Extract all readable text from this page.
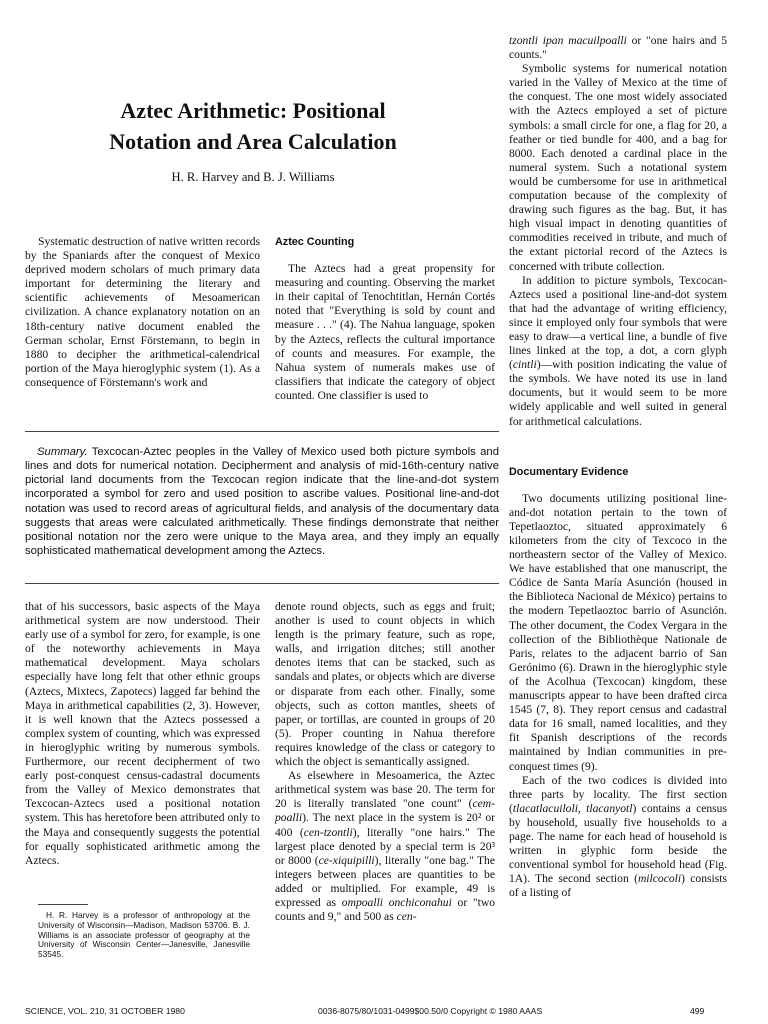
Aztec Arithmetic: Positional
Notation and Area Calculation
H. R. Harvey and B. J. Williams

Systematic destruction of native written records by the Spaniards after the conquest of Mexico deprived modern scholars of much primary data important for determining the literary and scientific achievements of Mesoamerican civilization. A chance explanatory notation on an 18th-century native document enabled the German scholar, Ernst Förstemann, to begin in 1880 to decipher the arithmetical-calendrical portion of the Maya hieroglyphic system (1). As a consequence of Förstemann's work and

Aztec Counting

The Aztecs had a great propensity for measuring and counting. Observing the market in their capital of Tenochtitlan, Hernán Cortés noted that "Everything is sold by count and measure . . ." (4). The Nahua language, spoken by the Aztecs, reflects the cultural importance of counts and measures. For example, the Nahua system of numerals makes use of classifiers that indicate the category of object counted. One classifier is used to

Summary. Texcocan-Aztec peoples in the Valley of Mexico used both picture symbols and lines and dots for numerical notation. Decipherment and analysis of mid-16th-century native pictorial land documents from the Texcocan region indicate that the line-and-dot system incorporated a symbol for zero and used position to ascribe values. Positional line-and-dot notation was used to record areas of agricultural fields, and analysis of the documentary data suggests that areas were calculated arithmetically. These findings demonstrate that neither positional notation nor the zero were unique to the Maya area, and they imply an equally sophisticated mathematical development among the Aztecs.

that of his successors, basic aspects of the Maya arithmetical system are now understood. Their early use of a symbol for zero, for example, is one of the noteworthy achievements in Maya mathematical development. Maya scholars especially have long felt that other ethnic groups (Aztecs, Mixtecs, Zapotecs) lagged far behind the Maya in arithmetical capabilities (2, 3). However, it is well known that the Aztecs possessed a complex system of counting, which was expressed in hieroglyphic writing by numerous symbols. Furthermore, our recent decipherment of two early post-conquest census-cadastral documents from the Valley of Mexico demonstrates that Texcocan-Aztecs used a positional notation system. This has heretofore been attributed only to the Maya and consequently suggests the potential for equally sophisticated arithmetic among the Aztecs.

H. R. Harvey is a professor of anthropology at the University of Wisconsin—Madison, Madison 53706. B. J. Williams is an associate professor of geography at the University of Wisconsin Center—Janesville, Janesville 53545.

denote round objects, such as eggs and fruit; another is used to count objects in which length is the primary feature, such as rope, walls, and irrigation ditches; still another denotes items that can be stacked, such as sandals and plates, or objects which are diverse or disparate from each other. Finally, some objects, such as cotton mantles, sheets of paper, or tortillas, are counted in groups of 20 (5). Proper counting in Nahua therefore requires knowledge of the class or category to which the object is semantically assigned.

As elsewhere in Mesoamerica, the Aztec arithmetical system was base 20. The term for 20 is literally translated "one count" (cem-poalli). The next place in the system is 20² or 400 (cen-tzontli), literally "one hairs." The largest place denoted by a special term is 20³ or 8000 (ce-xiquipilli), literally "one bag." The integers between places are quantities to be added or multiplied. For example, 49 is expressed as ompoalli onchiconahui or "two counts and 9," and 500 as cen-

tzontli ipan macuilpoalli or "one hairs and 5 counts."

Symbolic systems for numerical notation varied in the Valley of Mexico at the time of the conquest. The one most widely associated with the Aztecs employed a set of picture symbols: a small circle for one, a flag for 20, a feather or tied bundle for 400, and a bag for 8000. Each denoted a cardinal place in the numeral system. Such a notational system would be cumbersome for use in arithmetical computation because of the complexity of drawing such figures as the bag. But, it has high visual impact in denoting quantities of commodities received in tribute, and much of the extant pictorial record of the Aztecs is concerned with tribute collection.

In addition to picture symbols, Texcocan-Aztecs used a positional line-and-dot system that had the advantage of writing efficiency, since it employed only four symbols that were easy to draw—a vertical line, a bundle of five lines linked at the top, a dot, a corn glyph (cintli)—with position indicating the value of the symbols. We have noted its use in land documents, but it would seem to be more widely applicable and well suited in general for arithmetical calculations.

Documentary Evidence

Two documents utilizing positional line-and-dot notation pertain to the town of Tepetlaoztoc, situated approximately 6 kilometers from the city of Texcoco in the northeastern sector of the Valley of Mexico. We have established that one manuscript, the Códice de Santa María Asunción (housed in the Biblioteca Nacional de México) pertains to the modern Tepetlaoztoc barrio of Asunción. The other document, the Codex Vergara in the collection of the Bibliothèque Nationale de Paris, relates to the adjacent barrio of San Gerónimo (6). Drawn in the hieroglyphic style of the Acolhua (Texcocan) kingdom, these manuscripts appear to have been drafted circa 1545 (7, 8). They report census and cadastral data for 16 small, named localities, and they fit Spanish descriptions of the records maintained by Indian communities in pre-conquest times (9).

Each of the two codices is divided into three parts by locality. The first section (tlacatlacuiloli, tlacanyotl) contains a census by household, usually five households to a page. The name for each head of household is written in glyphic form beside the conventional symbol for household head (Fig. 1A). The second section (milcocoli) consists of a listing of

SCIENCE, VOL. 210, 31 OCTOBER 1980	0036-8075/80/1031-0499$00.50/0 Copyright © 1980 AAAS	499
